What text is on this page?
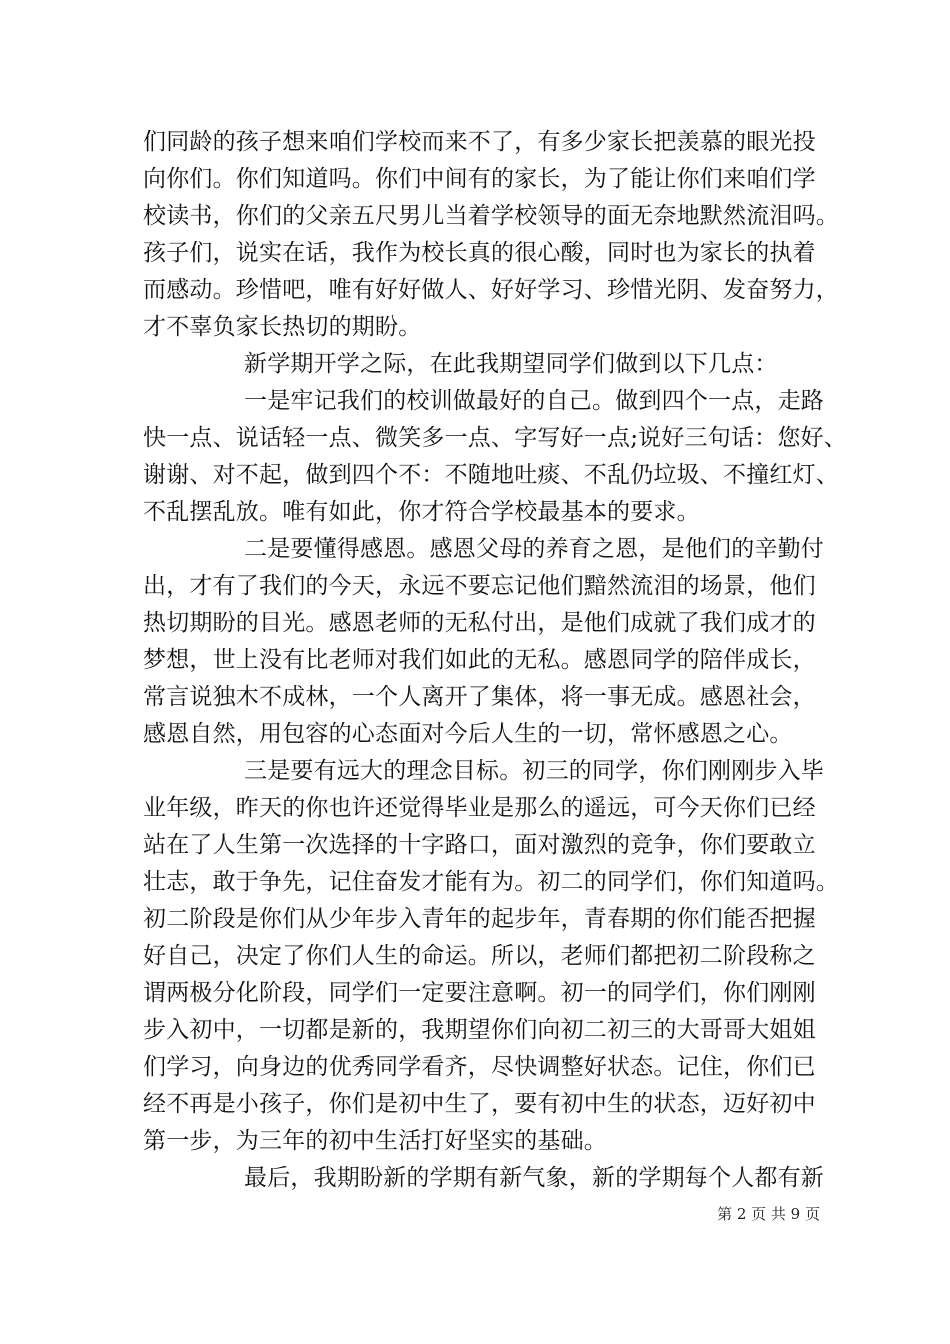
们同龄的孩子想来咱们学校而来不了，有多少家长把羡慕的眼光投
向你们。你们知道吗。你们中间有的家长，为了能让你们来咱们学
校读书，你们的父亲五尺男儿当着学校领导的面无奈地默然流泪吗。
孩子们，说实在话，我作为校长真的很心酸，同时也为家长的执着
而感动。珍惜吧，唯有好好做人、好好学习、珍惜光阴、发奋努力，
才不辜负家长热切的期盼。
新学期开学之际，在此我期望同学们做到以下几点：
一是牢记我们的校训做最好的自己。做到四个一点，走路
快一点、说话轻一点、微笑多一点、字写好一点;说好三句话：您好、
谢谢、对不起，做到四个不：不随地吐痰、不乱仍垃圾、不撞红灯、
不乱摆乱放。唯有如此，你才符合学校最基本的要求。
二是要懂得感恩。感恩父母的养育之恩，是他们的辛勤付
出，才有了我们的今天，永远不要忘记他们黯然流泪的场景，他们
热切期盼的目光。感恩老师的无私付出，是他们成就了我们成才的
梦想，世上没有比老师对我们如此的无私。感恩同学的陪伴成长，
常言说独木不成林，一个人离开了集体，将一事无成。感恩社会，
感恩自然，用包容的心态面对今后人生的一切，常怀感恩之心。
三是要有远大的理念目标。初三的同学，你们刚刚步入毕
业年级，昨天的你也许还觉得毕业是那么的遥远，可今天你们已经
站在了人生第一次选择的十字路口，面对激烈的竞争，你们要敢立
壮志，敢于争先，记住奋发才能有为。初二的同学们，你们知道吗。
初二阶段是你们从少年步入青年的起步年，青春期的你们能否把握
好自己，决定了你们人生的命运。所以，老师们都把初二阶段称之
谓两极分化阶段，同学们一定要注意啊。初一的同学们，你们刚刚
步入初中，一切都是新的，我期望你们向初二初三的大哥哥大姐姐
们学习，向身边的优秀同学看齐，尽快调整好状态。记住，你们已
经不再是小孩子，你们是初中生了，要有初中生的状态，迈好初中
第一步，为三年的初中生活打好坚实的基础。
最后，我期盼新的学期有新气象，新的学期每个人都有新
第 2 页 共 9 页
